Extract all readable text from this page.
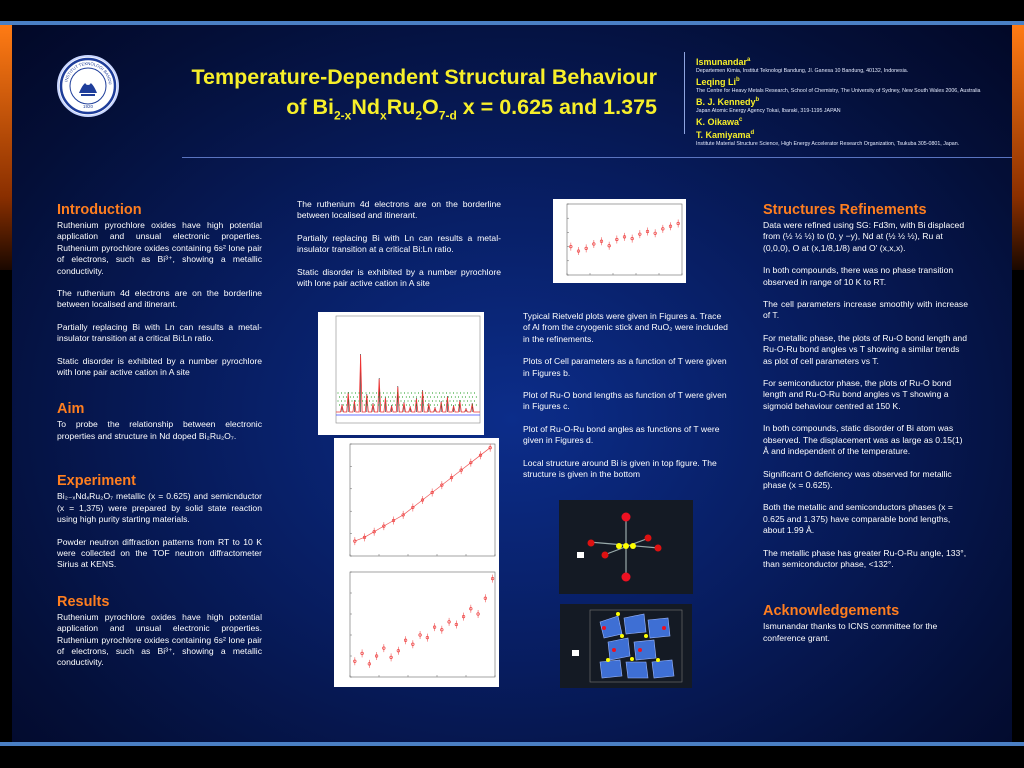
INSTITUT TEKNOLOGI BANDU
1920
Temperature-Dependent Structural Behaviour
of $Bi_{2-x}Nd_xRu_2O_{7-d}$ x = 0.625 and 1.375
Ismunandar$^a$
Departemen Kimia, Institut Teknologi Bandung, Jl. Ganesa 10 Bandung, 40132, Indonesia.
Leqing Li$^b$
The Centre for Heavy Metals Research, School of Chemistry, The University of Sydney, New South Wales 2006, Australia
B. J. Kennedy$^b$
Japan Atomic Energy Agency Tokai, Ibaraki, 319-1195 JAPAN
K. Oikawa$^c$
T. Kamiyama$^d$
Institute Material Structure Science, High Energy Accelerator Research Organization, Tsukuba 305-0801, Japan.
Introduction

Ruthenium pyrochlore oxides have high potential application and unsual electronic properties. Ruthenium pyrochlore oxides containing 6s² lone pair of electrons, such as Bi³⁺, showing a metallic conductivity.

The ruthenium 4d electrons are on the borderline between localised and itinerant.

Partially replacing Bi with Ln can results a metal-insulator transition at a critical Bi:Ln ratio.

Static disorder is exhibited by a number pyrochlore with lone pair active cation in A site

Aim

To probe the relationship between electronic properties and structure in Nd doped Bi₂Ru₂O₇.

Experiment

Bi₂₋ₓNdₓRu₂O₇ metallic (x = 0.625) and semicnductor (x = 1,375) were prepared by solid state reaction using high purity starting materials.

Powder neutron diffraction patterns from RT to 10 K were collected on the TOF neutron diffractometer Sirius at KENS.

Results

Ruthenium pyrochlore oxides have high potential application and unsual electronic properties. Ruthenium pyrochlore oxides containing 6s² lone pair of electrons, such as Bi³⁺, showing a metallic conductivity.

The ruthenium 4d electrons are on the borderline between localised and itinerant.

Partially replacing Bi with Ln can results a metal-insulator transition at a critical Bi:Ln ratio.

Static disorder is exhibited by a number pyrochlore with lone pair active cation in A site

Typical Rietveld plots were given in Figures a. Trace of Al from the cryogenic stick and RuO₂ were included in the refinements.

Plots of Cell parameters as a function of T were given in Figures b.

Plot of Ru-O bond lengths as function of T were given in Figures c.

Plot of Ru-O-Ru bond angles as functions of T were given in Figures d.

Local structure around Bi is given in top figure. The structure is given in the bottom

Structures Refinements

Data were refined using SG: Fd3m, with Bi displaced from (½ ½ ½) to (0, y −y), Nd at (½ ½ ½), Ru at (0,0,0), O at (x,1/8,1/8) and O' (x,x,x).

In both compounds, there was no phase transition observed in range of 10 K to RT.

The cell parameters increase smoothly with increase of T.

For metallic phase, the plots of Ru-O bond length and Ru-O-Ru bond angles vs T showing a similar trends as plot of cell parameters vs T.

For semiconductor phase, the plots of Ru-O bond length and Ru-O-Ru bond angles vs T showing a sigmoid behaviour centred at 150 K.

In both compounds, static disorder of Bi atom was observed. The displacement was as large as 0.15(1) Å and independent of the temperature.

Significant O deficiency was observed for metallic phase (x = 0.625).

Both the metallic and semiconductors phases (x = 0.625 and 1.375) have comparable bond lengths, about 1.99 Å.

The metallic phase has greater Ru-O-Ru angle, 133°, than semiconductor phase, <132°.

Acknowledgements

Ismunandar thanks to ICNS committee for the conference grant.
